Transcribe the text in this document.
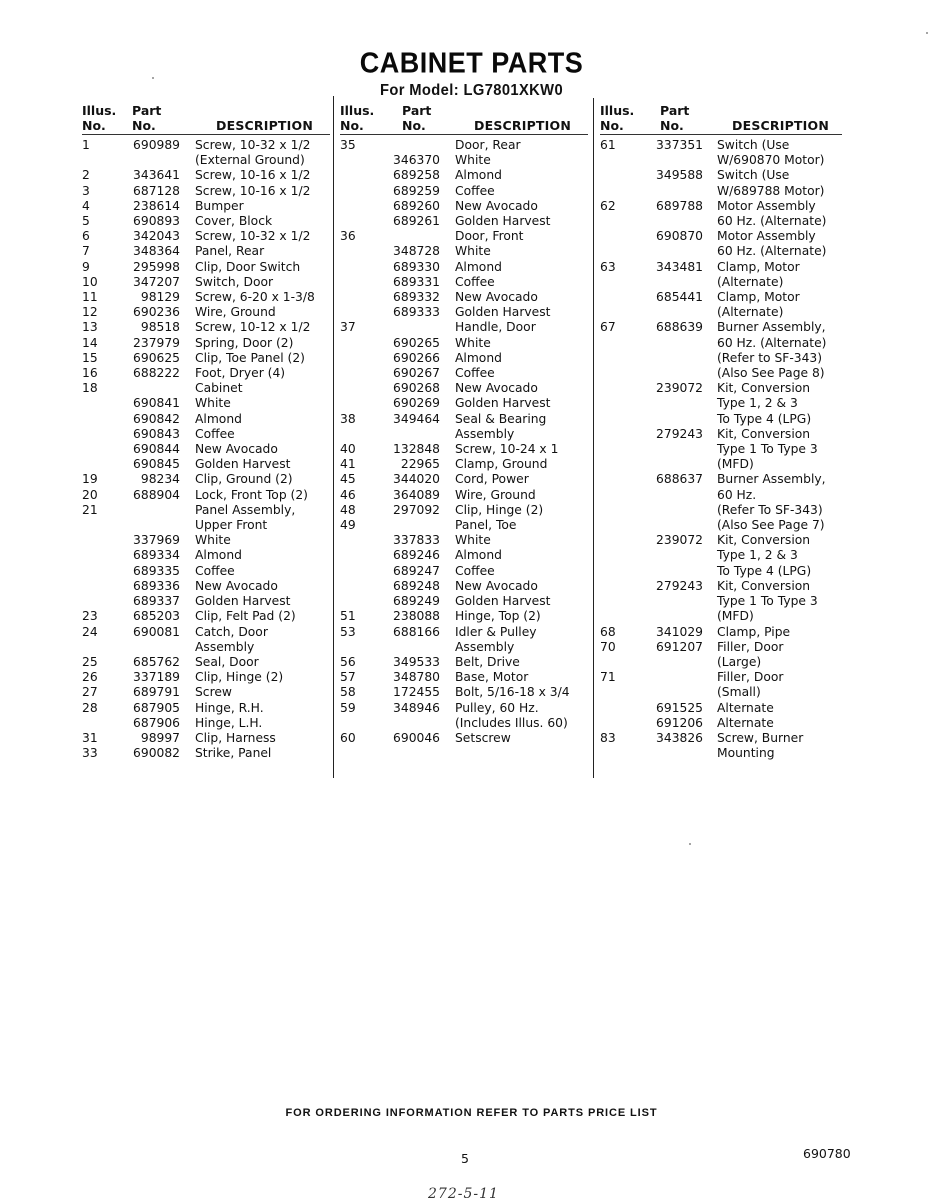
CABINET PARTS
For Model: LG7801XKW0
Illus.
No.
Part
No.	DESCRIPTION
1	690989 Screw, 10-32 x 1/2
(External Ground)
2	343641 Screw, 10-16 x 1/2
3	687128 Screw, 10-16 x 1/2
4	238614 Bumper
5	690893 Cover, Block
6	342043 Screw, 10-32 x 1/2
7	348364 Panel, Rear
9	295998 Clip, Door Switch
10	347207 Switch, Door
11	98129 Screw, 6-20 x 1-3/8
12	690236 Wire, Ground
13	98518 Screw, 10-12 x 1/2
14	237979 Spring, Door (2)
15	690625 Clip, Toe Panel (2)
16	688222 Foot, Dryer (4)
18	Cabinet
690841 White
690842 Almond
690843 Coffee
690844 New Avocado
690845 Golden Harvest
19	98234 Clip, Ground (2)
20	688904 Lock, Front Top (2)
21	Panel Assembly,
Upper Front
337969 White
689334 Almond
689335 Coffee
689336 New Avocado
689337 Golden Harvest
23	685203 Clip, Felt Pad (2)
24	690081 Catch, Door
Assembly
25	685762 Seal, Door
26	337189 Clip, Hinge (2)
27	689791 Screw
28	687905 Hinge, R.H.
687906 Hinge, L.H.
31	98997 Clip, Harness
33	690082 Strike, Panel
Illus.
No.
Part
No.	DESCRIPTION
35	Door, Rear
346370 White
689258 Almond
689259 Coffee
689260 New Avocado
689261 Golden Harvest
36	Door, Front
348728 White
689330 Almond
689331 Coffee
689332 New Avocado
689333 Golden Harvest
37	Handle, Door
690265 White
690266 Almond
690267 Coffee
690268 New Avocado
690269 Golden Harvest
38	349464 Seal & Bearing
Assembly
40	132848 Screw, 10-24 x 1
41	22965 Clamp, Ground
45	344020 Cord, Power
46	364089 Wire, Ground
48	297092 Clip, Hinge (2)
49	Panel, Toe
337833 White
689246 Almond
689247 Coffee
689248 New Avocado
689249 Golden Harvest
51	238088 Hinge, Top (2)
53	688166 Idler & Pulley
Assembly
56	349533 Belt, Drive
57	348780 Base, Motor
58	172455 Bolt, 5/16-18 x 3/4
59	348946 Pulley, 60 Hz.
(Includes Illus. 60)
60	690046 Setscrew
Illus.
No.
Part
No.	DESCRIPTION
61	337351 Switch (Use
W/690870 Motor)
349588 Switch (Use
W/689788 Motor)
62	689788 Motor Assembly
60 Hz. (Alternate)
690870 Motor Assembly
60 Hz. (Alternate)
63	343481 Clamp, Motor
(Alternate)
685441 Clamp, Motor
(Alternate)
67	688639 Burner Assembly,
60 Hz. (Alternate)
(Refer to SF-343)
(Also See Page 8)
239072 Kit, Conversion
Type 1, 2 & 3
To Type 4 (LPG)
279243 Kit, Conversion
Type 1 To Type 3
(MFD)
688637 Burner Assembly,
60 Hz.
(Refer To SF-343)
(Also See Page 7)
239072 Kit, Conversion
Type 1, 2 & 3
To Type 4 (LPG)
279243 Kit, Conversion
Type 1 To Type 3
(MFD)
68	341029 Clamp, Pipe
70	691207 Filler, Door
(Large)
71	Filler, Door
(Small)
691525 Alternate
691206 Alternate
83	343826 Screw, Burner
Mounting
FOR ORDERING INFORMATION REFER TO PARTS PRICE LIST
5	690780
272-5-11
